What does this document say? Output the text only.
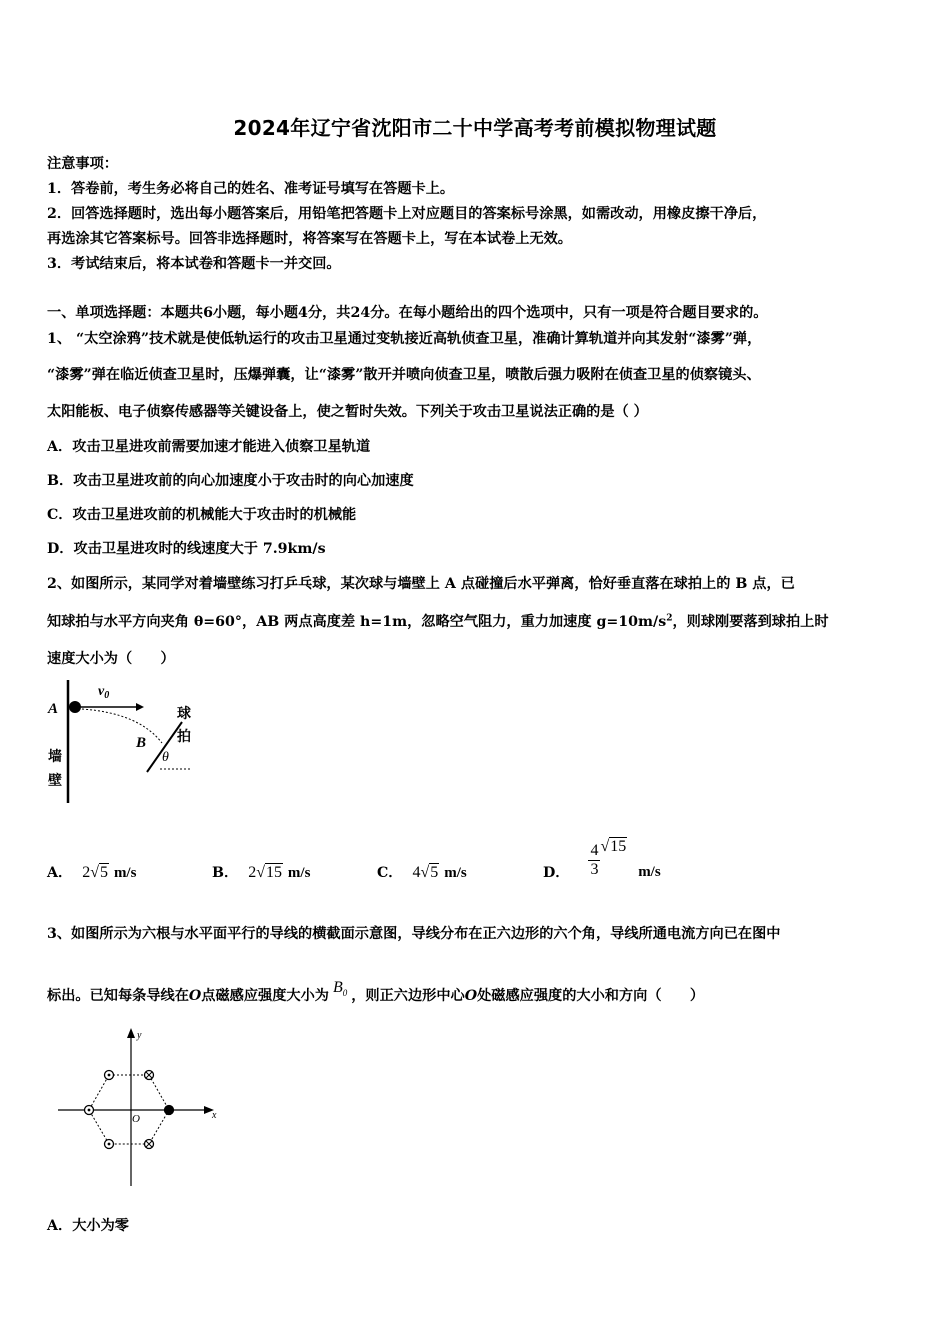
2024年辽宁省沈阳市二十中学高考考前模拟物理试题
注意事项：
1．答卷前，考生务必将自己的姓名、准考证号填写在答题卡上。
2．回答选择题时，选出每小题答案后，用铅笔把答题卡上对应题目的答案标号涂黑，如需改动，用橡皮擦干净后，
再选涂其它答案标号。回答非选择题时，将答案写在答题卡上，写在本试卷上无效。
3．考试结束后，将本试卷和答题卡一并交回。
一、单项选择题：本题共6小题，每小题4分，共24分。在每小题给出的四个选项中，只有一项是符合题目要求的。
1、 “太空涂鸦”技术就是使低轨运行的攻击卫星通过变轨接近高轨侦查卫星，准确计算轨道并向其发射“漆雾”弹，
“漆雾”弹在临近侦查卫星时，压爆弹囊，让“漆雾”散开并喷向侦查卫星，喷散后强力吸附在侦查卫星的侦察镜头、
太阳能板、电子侦察传感器等关键设备上，使之暂时失效。下列关于攻击卫星说法正确的是（ ）
A．攻击卫星进攻前需要加速才能进入侦察卫星轨道
B．攻击卫星进攻前的向心加速度小于攻击时的向心加速度
C．攻击卫星进攻前的机械能大于攻击时的机械能
D．攻击卫星进攻时的线速度大于 7.9km/s
2、如图所示，某同学对着墙壁练习打乒乓球，某次球与墙壁上 A 点碰撞后水平弹离，恰好垂直落在球拍上的 B 点，已
知球拍与水平方向夹角 θ=60°，AB 两点高度差 h=1m，忽略空气阻力，重力加速度 $g=10m/s^2$，则球刚要落到球拍上时
速度大小为（　　）
A
$v_0$
B
θ
球
拍
墙
壁
A． 2√5 m/s	B． 2√15 m/s	C． 4√5 m/s	D． $\frac{4}{3} √15$ m/s
3、如图所示为六根与水平面平行的导线的横截面示意图，导线分布在正六边形的六个角，导线所通电流方向已在图中
标出。已知每条导线在O点磁感应强度大小为 $B_0$ ，则正六边形中心O处磁感应强度的大小和方向（　　）
y
x
O
A．大小为零
